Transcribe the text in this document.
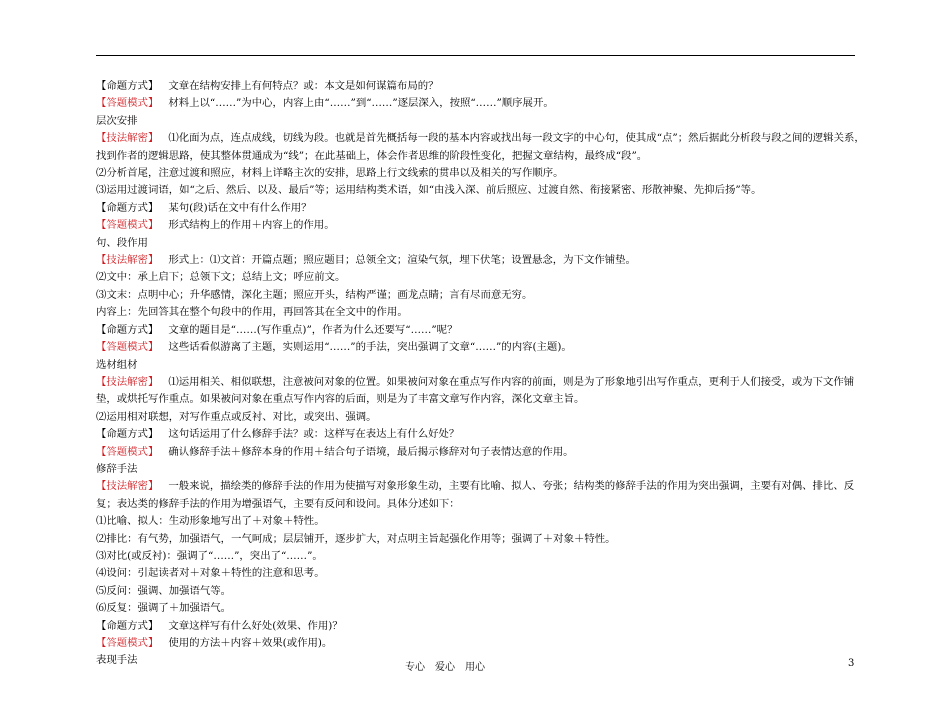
【命题方式】 文章在结构安排上有何特点？或：本文是如何谋篇布局的？
【答题模式】 材料上以“……”为中心，内容上由“……”到“……”逐层深入，按照“……”顺序展开。
层次安排
【技法解密】 ⑴化面为点，连点成线，切线为段。也就是首先概括每一段的基本内容或找出每一段文字的中心句，使其成“点”；然后据此分析段与段之间的逻辑关系，找到作者的逻辑思路，使其整体贯通成为“线”；在此基础上，体会作者思维的阶段性变化，把握文章结构，最终成“段”。
⑵分析首尾，注意过渡和照应，材料上详略主次的安排，思路上行文线索的贯串以及相关的写作顺序。
⑶运用过渡词语，如“之后、然后、以及、最后”等；运用结构类术语，如“由浅入深、前后照应、过渡自然、衔接紧密、形散神聚、先抑后扬”等。
【命题方式】 某句(段)话在文中有什么作用？
【答题模式】 形式结构上的作用＋内容上的作用。
句、段作用
【技法解密】 形式上：⑴文首：开篇点题；照应题目；总领全文；渲染气氛，埋下伏笔；设置悬念，为下文作铺垫。
⑵文中：承上启下；总领下文；总结上文；呼应前文。
⑶文末：点明中心；升华感情，深化主题；照应开头，结构严谨；画龙点睛；言有尽而意无穷。
内容上：先回答其在整个句段中的作用，再回答其在全文中的作用。
【命题方式】 文章的题目是“……(写作重点)”，作者为什么还要写“……”呢？
【答题模式】 这些话看似游离了主题，实则运用“……”的手法，突出强调了文章“……”的内容(主题)。
选材组材
【技法解密】 ⑴运用相关、相似联想，注意被问对象的位置。如果被问对象在重点写作内容的前面，则是为了形象地引出写作重点，更利于人们接受，或为下文作铺垫，或烘托写作重点。如果被问对象在重点写作内容的后面，则是为了丰富文章写作内容，深化文章主旨。
⑵运用相对联想，对写作重点或反衬、对比，或突出、强调。
【命题方式】 这句话运用了什么修辞手法？或：这样写在表达上有什么好处？
【答题模式】 确认修辞手法＋修辞本身的作用＋结合句子语境，最后揭示修辞对句子表情达意的作用。
修辞手法
【技法解密】 一般来说，描绘类的修辞手法的作用为使描写对象形象生动，主要有比喻、拟人、夸张；结构类的修辞手法的作用为突出强调，主要有对偶、排比、反复；表达类的修辞手法的作用为增强语气，主要有反问和设问。具体分述如下：
⑴比喻、拟人：生动形象地写出了＋对象＋特性。
⑵排比：有气势，加强语气，一气呵成；层层铺开，逐步扩大，对点明主旨起强化作用等；强调了＋对象＋特性。
⑶对比(或反衬)：强调了“……”，突出了“……”。
⑷设问：引起读者对＋对象＋特性的注意和思考。
⑸反问：强调、加强语气等。
⑹反复：强调了＋加强语气。
【命题方式】 文章这样写有什么好处(效果、作用)？
【答题模式】 使用的方法＋内容＋效果(或作用)。
表现手法
专心　爱心　用心	3
